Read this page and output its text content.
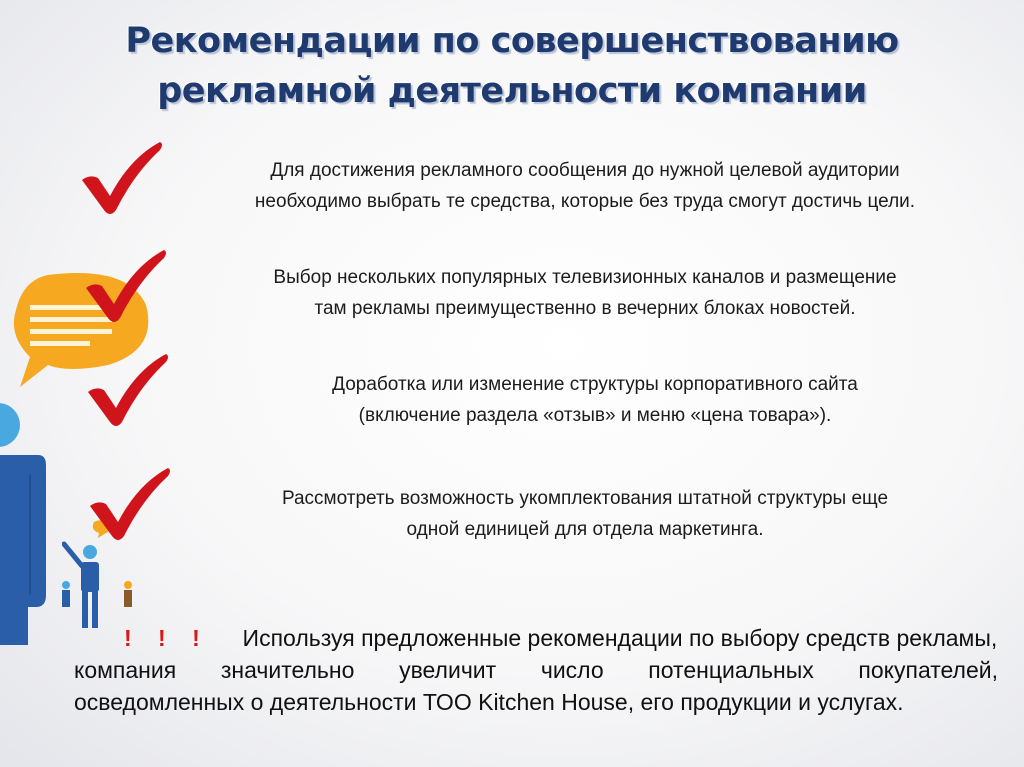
Рекомендации по совершенствованию
рекламной деятельности компании
Для достижения рекламного сообщения до нужной целевой аудитории
необходимо выбрать те средства, которые без труда смогут достичь цели.
Выбор нескольких популярных телевизионных каналов и размещение
там рекламы преимущественно в вечерних блоках новостей.
Доработка или изменение структуры корпоративного сайта
(включение раздела «отзыв» и меню «цена товара»).
Рассмотреть возможность укомплектования штатной структуры еще
одной единицей для отдела маркетинга.
! ! ! Используя предложенные рекомендации по выбору средств рекламы,
компания значительно увеличит число потенциальных покупателей,
осведомленных о деятельности ТОО Kitchen House, его продукции и услугах.
